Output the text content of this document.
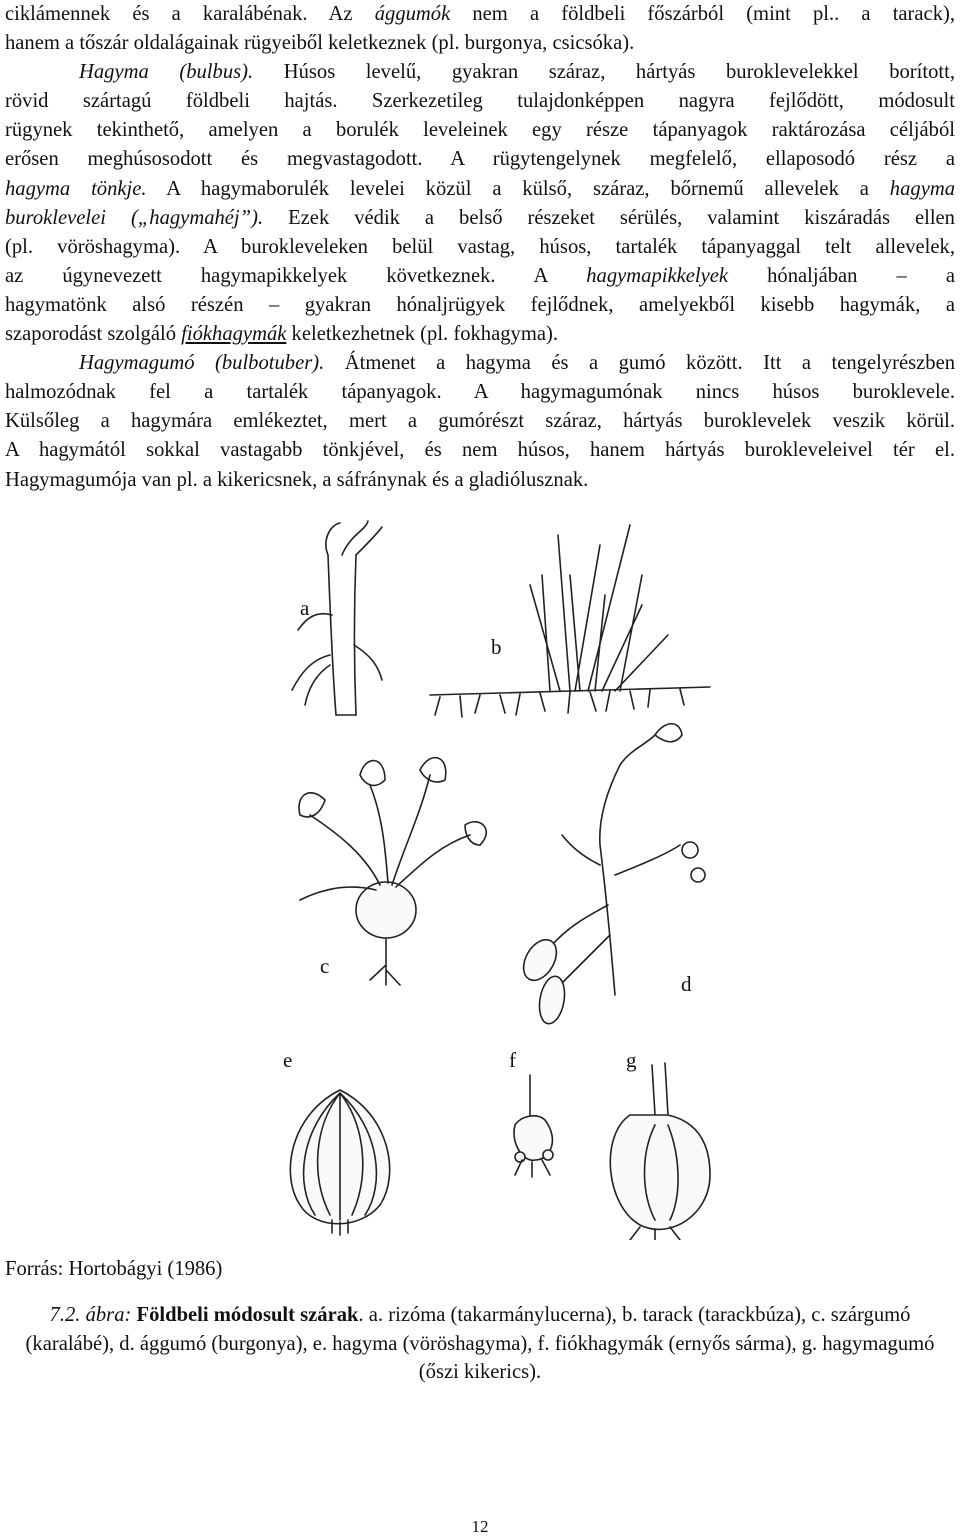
ciklámennek és a karalábénak. Az ággumók nem a földbeli főszárból (mint pl.. a tarack),
hanem a tőszár oldalágainak rügyeiből keletkeznek (pl. burgonya, csicsóka).
Hagyma (bulbus). Húsos levelű, gyakran száraz, hártyás buroklevelekkel borított,
rövid szártagú földbeli hajtás. Szerkezetileg tulajdonképpen nagyra fejlődött, módosult
rügynek tekinthető, amelyen a borulék leveleinek egy része tápanyagok raktározása céljából
erősen meghúsosodott és megvastagodott. A rügytengelynek megfelelő, ellaposodó rész a
hagyma tönkje. A hagymaborulék levelei közül a külső, száraz, bőrnemű allevelek a hagyma
buroklevelei („hagymahéj”). Ezek védik a belső részeket sérülés, valamint kiszáradás ellen
(pl. vöröshagyma). A burokleveleken belül vastag, húsos, tartalék tápanyaggal telt allevelek,
az úgynevezett hagymapikkelyek következnek. A hagymapikkelyek hónaljában – a
hagymatönk alsó részén – gyakran hónaljrügyek fejlődnek, amelyekből kisebb hagymák, a
szaporodást szolgáló fiókhagymák keletkezhetnek (pl. fokhagyma).
Hagymagumó (bulbotuber). Átmenet a hagyma és a gumó között. Itt a tengelyrészben
halmozódnak fel a tartalék tápanyagok. A hagymagumónak nincs húsos buroklevele.
Külsőleg a hagymára emlékeztet, mert a gumórészt száraz, hártyás buroklevelek veszik körül.
A hagymától sokkal vastagabb tönkjével, és nem húsos, hanem hártyás burokleveleivel tér el.
Hagymagumója van pl. a kikericsnek, a sáfránynak és a gladiólusznak.
a
b
c
d
e	f	g
Forrás: Hortobágyi (1986)
7.2. ábra: Földbeli módosult szárak. a. rizóma (takarmánylucerna), b. tarack (tarackbúza), c. szárgumó (karalábé), d. ággumó (burgonya), e. hagyma (vöröshagyma), f. fiókhagymák (ernyős sárma), g. hagymagumó (őszi kikerics).
12
